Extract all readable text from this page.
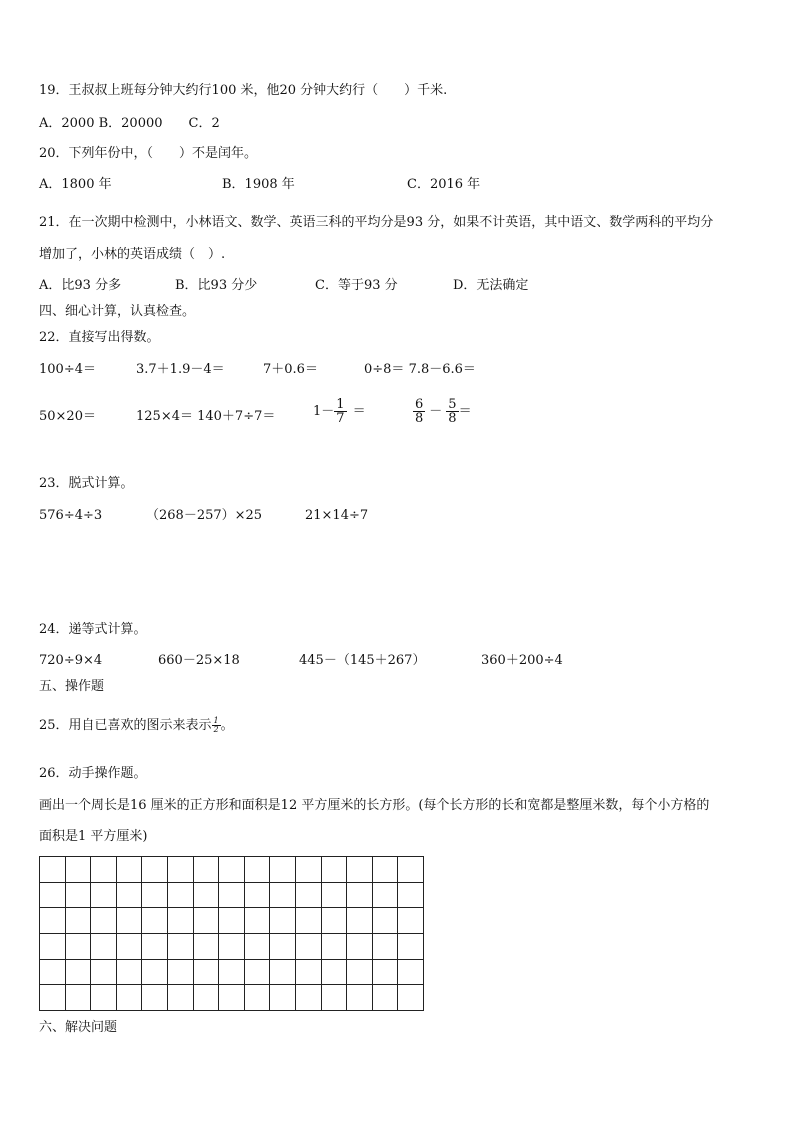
19．王叔叔上班每分钟大约行100 米，他20 分钟大约行（　　）千米.
A．2000 B．20000　　C．2
20．下列年份中，（　　）不是闰年。
A．1800 年	B．1908 年	C．2016 年
21．在一次期中检测中，小林语文、数学、英语三科的平均分是93 分，如果不计英语，其中语文、数学两科的平均分
增加了，小林的英语成绩（　）.
A．比93 分多	B．比93 分少	C．等于93 分	D．无法确定
四、细心计算，认真检查。
22．直接写出得数。
100÷4＝	3.7＋1.9－4＝	7＋0.6＝	0÷8＝ 7.8－6.6＝
50×20＝	125×4＝ 140＋7÷7＝	$1- \frac{1}{7}$ ＝	$\frac{6}{8} - \frac{5}{8}$ ＝
23．脱式计算。
576÷4÷3	（268－257）×25	21×14÷7
24．递等式计算。
720÷9×4	660－25×18	445－（145＋267）	360＋200÷4
五、操作题
25．用自已喜欢的图示来表示 $\frac{1}{2}$ 。
26．动手操作题。
画出一个周长是16 厘米的正方形和面积是12 平方厘米的长方形。(每个长方形的长和宽都是整厘米数，每个小方格的
面积是1 平方厘米)
六、解决问题
